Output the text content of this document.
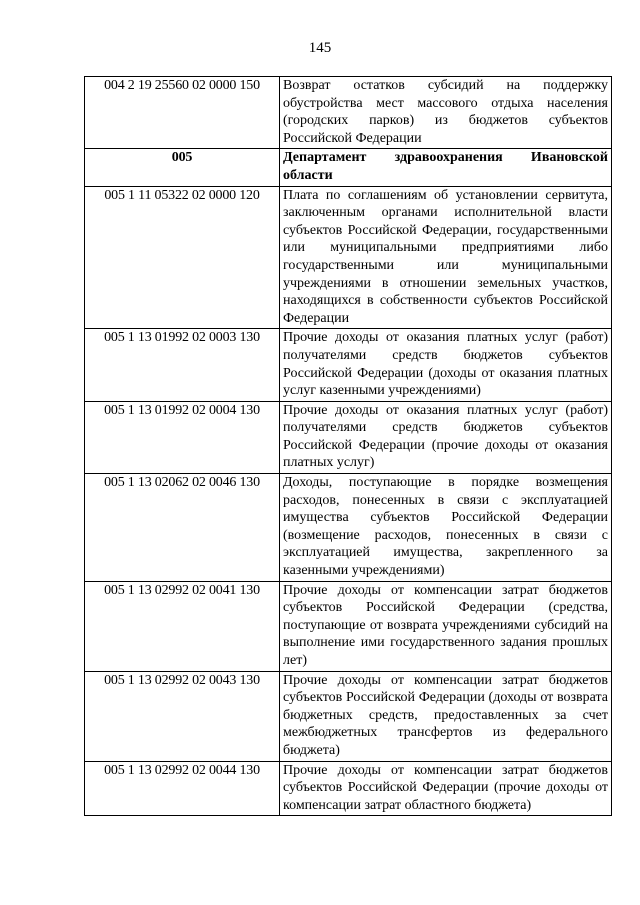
145
004 2 19 25560 02 0000 150	Возврат остатков субсидий на поддержку обустройства мест массового отдыха населения (городских парков) из бюджетов субъектов Российской Федерации
005	Департамент здравоохранения Ивановской области
005 1 11 05322 02 0000 120	Плата по соглашениям об установлении сервитута, заключенным органами исполнительной власти субъектов Российской Федерации, государственными или муниципальными предприятиями либо государственными или муниципальными учреждениями в отношении земельных участков, находящихся в собственности субъектов Российской Федерации
005 1 13 01992 02 0003 130	Прочие доходы от оказания платных услуг (работ) получателями средств бюджетов субъектов Российской Федерации (доходы от оказания платных услуг казенными учреждениями)
005 1 13 01992 02 0004 130	Прочие доходы от оказания платных услуг (работ) получателями средств бюджетов субъектов Российской Федерации (прочие доходы от оказания платных услуг)
005 1 13 02062 02 0046 130	Доходы, поступающие в порядке возмещения расходов, понесенных в связи с эксплуатацией имущества субъектов Российской Федерации (возмещение расходов, понесенных в связи с эксплуатацией имущества, закрепленного за казенными учреждениями)
005 1 13 02992 02 0041 130	Прочие доходы от компенсации затрат бюджетов субъектов Российской Федерации (средства, поступающие от возврата учреждениями субсидий на выполнение ими государственного задания прошлых лет)
005 1 13 02992 02 0043 130	Прочие доходы от компенсации затрат бюджетов субъектов Российской Федерации (доходы от возврата бюджетных средств, предоставленных за счет межбюджетных трансфертов из федерального бюджета)
005 1 13 02992 02 0044 130	Прочие доходы от компенсации затрат бюджетов субъектов Российской Федерации (прочие доходы от компенсации затрат областного бюджета)
